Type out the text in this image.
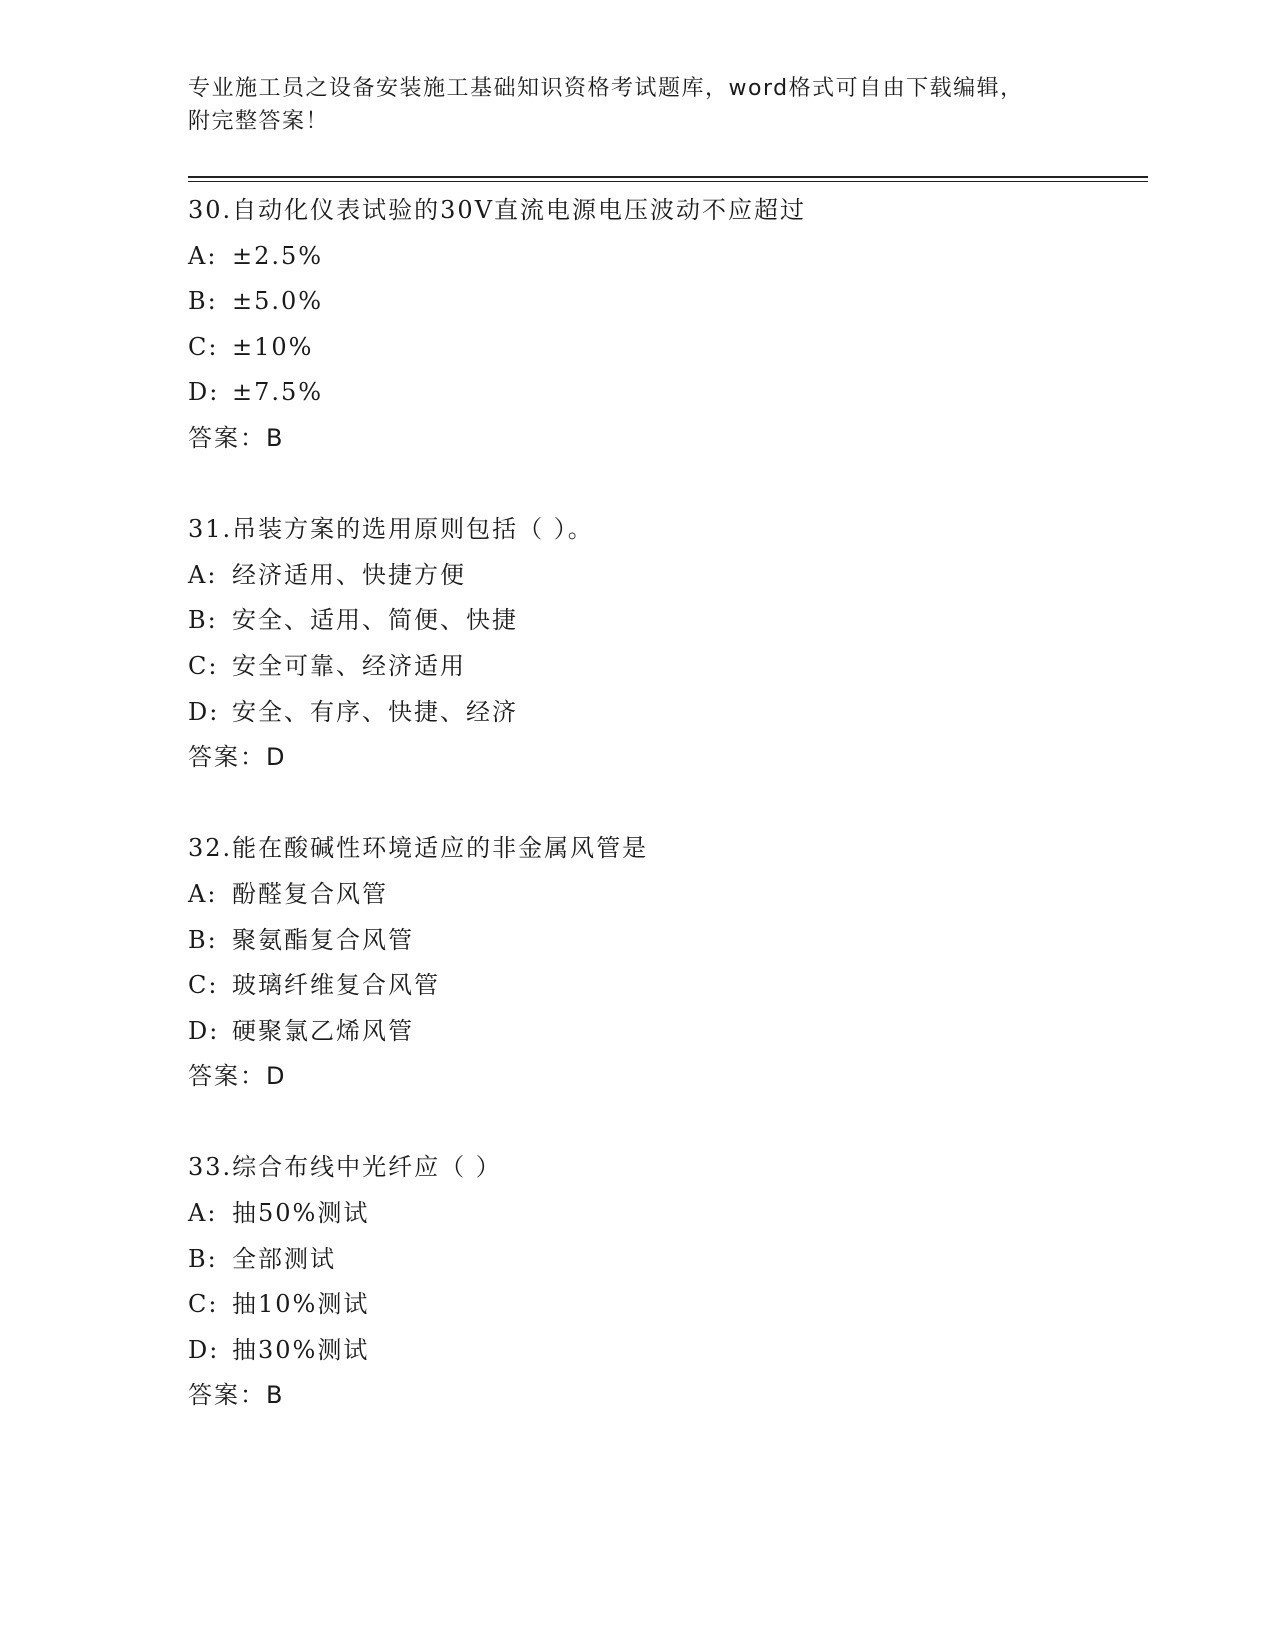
专业施工员之设备安装施工基础知识资格考试题库，word格式可自由下载编辑，
附完整答案！

30.自动化仪表试验的30V直流电源电压波动不应超过
A: ±2.5%
B: ±5.0%
C: ±10%
D: ±7.5%
答案：B
31.吊装方案的选用原则包括（ ）。
A: 经济适用、快捷方便
B: 安全、适用、简便、快捷
C: 安全可靠、经济适用
D: 安全、有序、快捷、经济
答案：D
32.能在酸碱性环境适应的非金属风管是
A: 酚醛复合风管
B: 聚氨酯复合风管
C: 玻璃纤维复合风管
D: 硬聚氯乙烯风管
答案：D
33.综合布线中光纤应（ ）
A: 抽50%测试
B: 全部测试
C: 抽10%测试
D: 抽30%测试
答案：B
